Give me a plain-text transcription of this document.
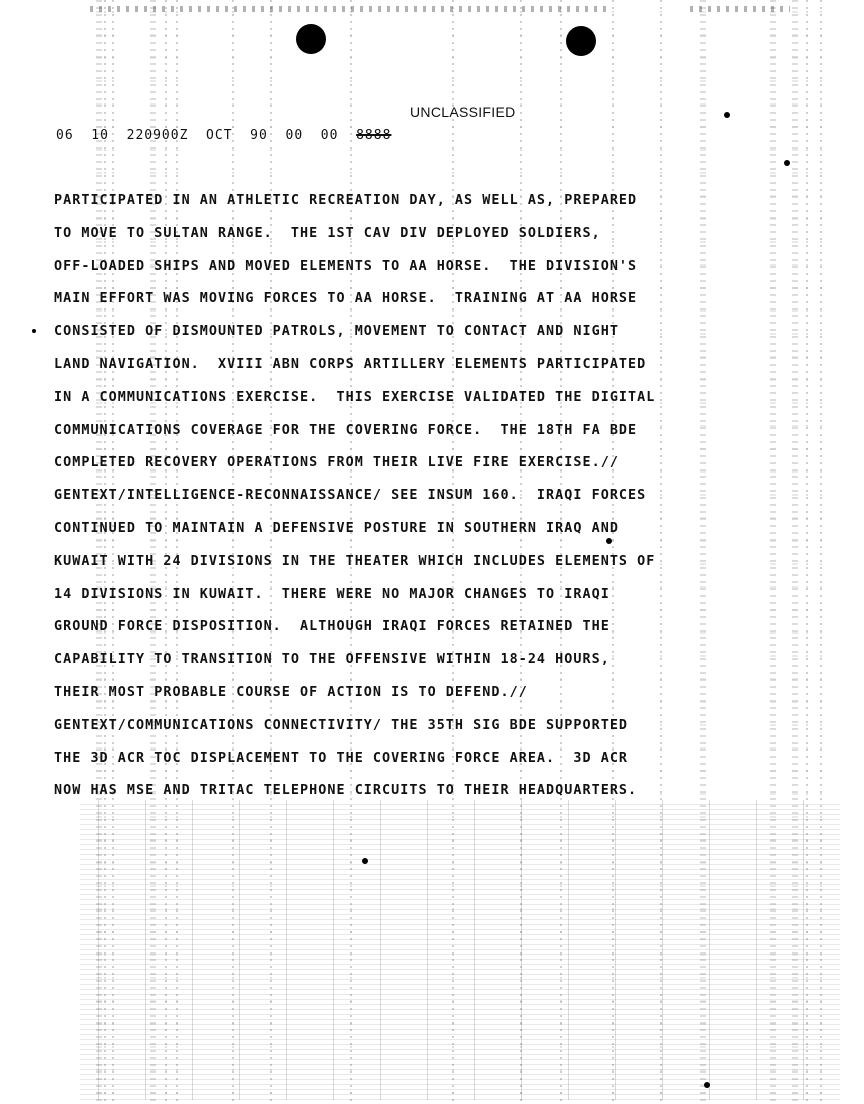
UNCLASSIFIED
06  10  220900Z  OCT  90  00  00 8888
PARTICIPATED IN AN ATHLETIC RECREATION DAY, AS WELL AS, PREPARED
TO MOVE TO SULTAN RANGE.  THE 1ST CAV DIV DEPLOYED SOLDIERS,
OFF-LOADED SHIPS AND MOVED ELEMENTS TO AA HORSE.  THE DIVISION'S
MAIN EFFORT WAS MOVING FORCES TO AA HORSE.  TRAINING AT AA HORSE
CONSISTED OF DISMOUNTED PATROLS, MOVEMENT TO CONTACT AND NIGHT
LAND NAVIGATION.  XVIII ABN CORPS ARTILLERY ELEMENTS PARTICIPATED
IN A COMMUNICATIONS EXERCISE.  THIS EXERCISE VALIDATED THE DIGITAL
COMMUNICATIONS COVERAGE FOR THE COVERING FORCE.  THE 18TH FA BDE
COMPLETED RECOVERY OPERATIONS FROM THEIR LIVE FIRE EXERCISE.//
GENTEXT/INTELLIGENCE-RECONNAISSANCE/ SEE INSUM 160.  IRAQI FORCES
CONTINUED TO MAINTAIN A DEFENSIVE POSTURE IN SOUTHERN IRAQ AND
KUWAIT WITH 24 DIVISIONS IN THE THEATER WHICH INCLUDES ELEMENTS OF
14 DIVISIONS IN KUWAIT.  THERE WERE NO MAJOR CHANGES TO IRAQI
GROUND FORCE DISPOSITION.  ALTHOUGH IRAQI FORCES RETAINED THE
CAPABILITY TO TRANSITION TO THE OFFENSIVE WITHIN 18-24 HOURS,
THEIR MOST PROBABLE COURSE OF ACTION IS TO DEFEND.//
GENTEXT/COMMUNICATIONS CONNECTIVITY/ THE 35TH SIG BDE SUPPORTED
THE 3D ACR TOC DISPLACEMENT TO THE COVERING FORCE AREA.  3D ACR
NOW HAS MSE AND TRITAC TELEPHONE CIRCUITS TO THEIR HEADQUARTERS.
